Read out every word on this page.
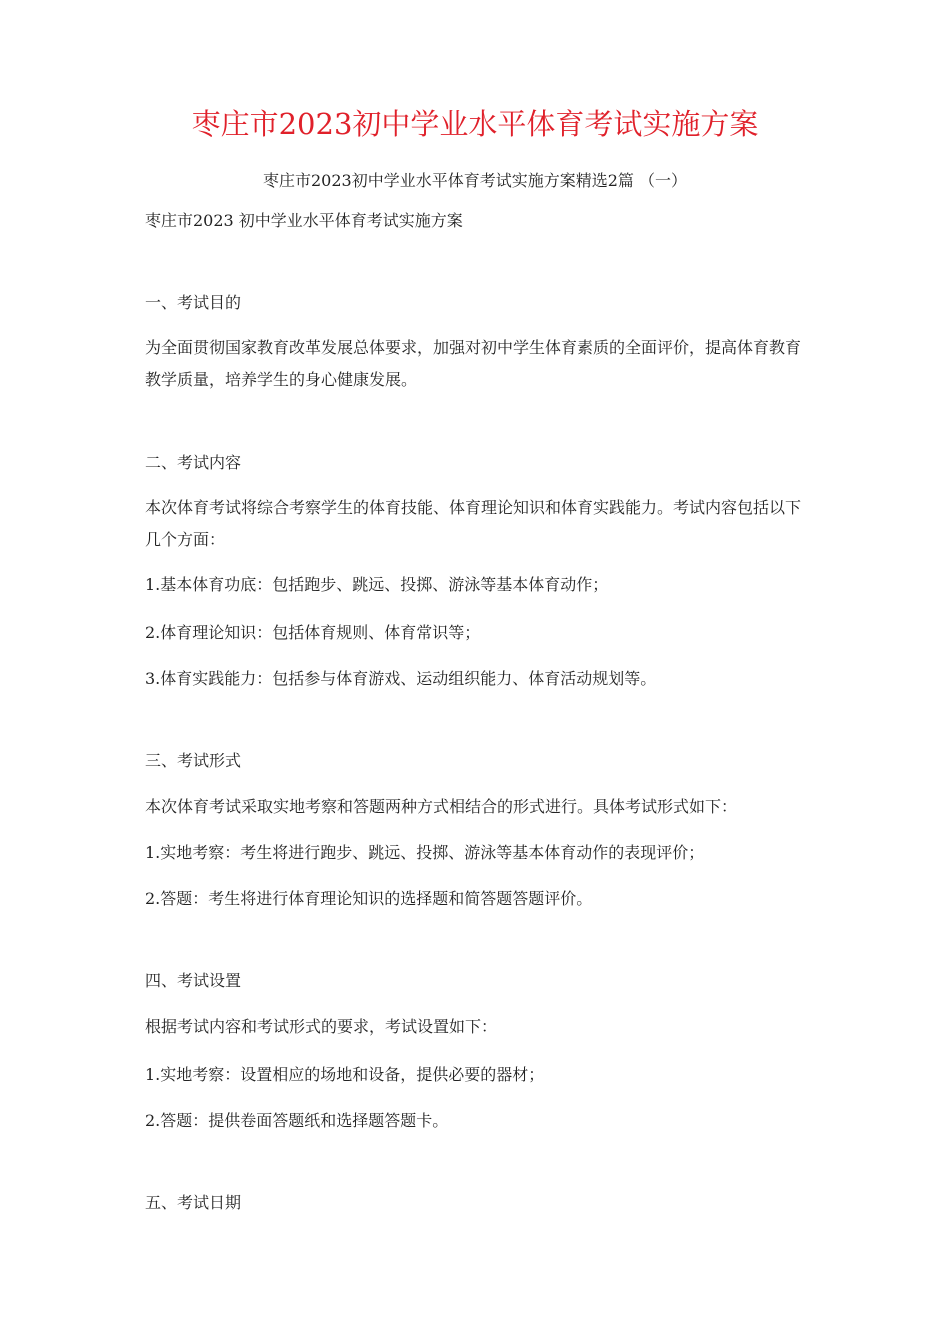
枣庄市2023初中学业水平体育考试实施方案
枣庄市2023初中学业水平体育考试实施方案精选2篇 （一）
枣庄市2023 初中学业水平体育考试实施方案
一、考试目的
为全面贯彻国家教育改革发展总体要求，加强对初中学生体育素质的全面评价，提高体育教育教学质量，培养学生的身心健康发展。
二、考试内容
本次体育考试将综合考察学生的体育技能、体育理论知识和体育实践能力。考试内容包括以下几个方面：
1.基本体育功底：包括跑步、跳远、投掷、游泳等基本体育动作；
2.体育理论知识：包括体育规则、体育常识等；
3.体育实践能力：包括参与体育游戏、运动组织能力、体育活动规划等。
三、考试形式
本次体育考试采取实地考察和答题两种方式相结合的形式进行。具体考试形式如下：
1.实地考察：考生将进行跑步、跳远、投掷、游泳等基本体育动作的表现评价；
2.答题：考生将进行体育理论知识的选择题和简答题答题评价。
四、考试设置
根据考试内容和考试形式的要求，考试设置如下：
1.实地考察：设置相应的场地和设备，提供必要的器材；
2.答题：提供卷面答题纸和选择题答题卡。
五、考试日期
